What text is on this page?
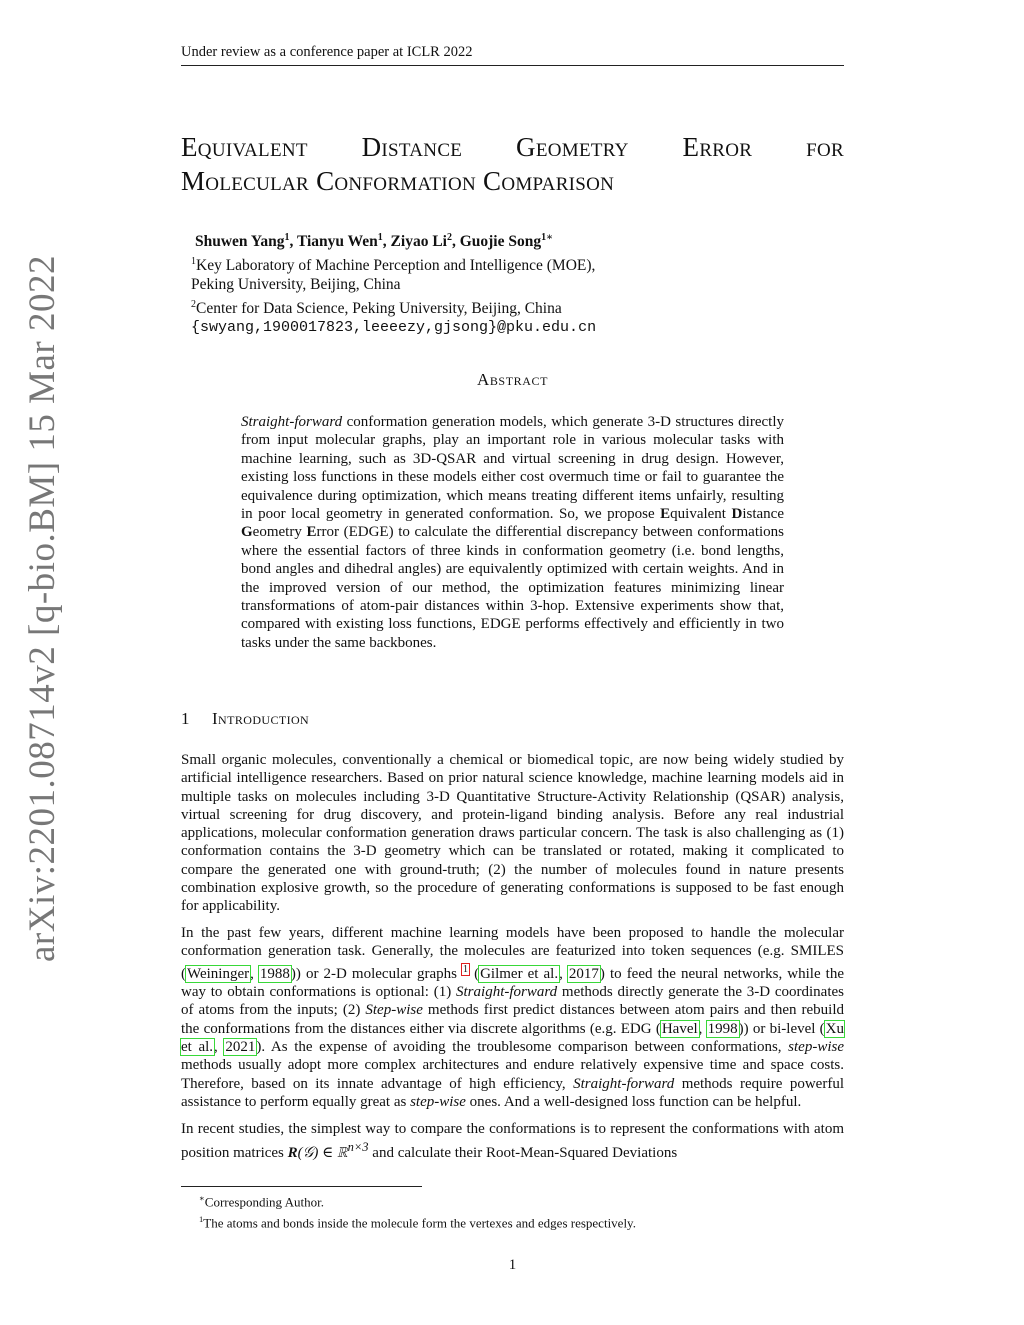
Under review as a conference paper at ICLR 2022
arXiv:2201.08714v2 [q-bio.BM] 15 Mar 2022
Equivalent Distance Geometry Error for
Molecular Conformation Comparison
Shuwen Yang$^1$, Tianyu Wen$^1$, Ziyao Li$^2$, Guojie Song$^{1∗}$
$^1$Key Laboratory of Machine Perception and Intelligence (MOE),
Peking University, Beijing, China
$^2$Center for Data Science, Peking University, Beijing, China
{swyang,1900017823,leeeezy,gjsong}@pku.edu.cn
Abstract
Straight-forward conformation generation models, which generate 3-D structures directly from input molecular graphs, play an important role in various molecular tasks with machine learning, such as 3D-QSAR and virtual screening in drug design. However, existing loss functions in these models either cost overmuch time or fail to guarantee the equivalence during optimization, which means treating different items unfairly, resulting in poor local geometry in generated conformation. So, we propose Equivalent Distance Geometry Error (EDGE) to calculate the differential discrepancy between conformations where the essential factors of three kinds in conformation geometry (i.e. bond lengths, bond angles and dihedral angles) are equivalently optimized with certain weights. And in the improved version of our method, the optimization features minimizing linear transformations of atom-pair distances within 3-hop. Extensive experiments show that, compared with existing loss functions, EDGE performs effectively and efficiently in two tasks under the same backbones.
1 Introduction

Small organic molecules, conventionally a chemical or biomedical topic, are now being widely studied by artificial intelligence researchers. Based on prior natural science knowledge, machine learning models aid in multiple tasks on molecules including 3-D Quantitative Structure-Activity Relationship (QSAR) analysis, virtual screening for drug discovery, and protein-ligand binding analysis. Before any real industrial applications, molecular conformation generation draws particular concern. The task is also challenging as (1) conformation contains the 3-D geometry which can be translated or rotated, making it complicated to compare the generated one with ground-truth; (2) the number of molecules found in nature presents combination explosive growth, so the procedure of generating conformations is supposed to be fast enough for applicability.

In the past few years, different machine learning models have been proposed to handle the molecular conformation generation task. Generally, the molecules are featurized into token sequences (e.g. SMILES (Weininger, 1988)) or 2-D molecular graphs $^1$ (Gilmer et al., 2017) to feed the neural networks, while the way to obtain conformations is optional: (1) Straight-forward methods directly generate the 3-D coordinates of atoms from the inputs; (2) Step-wise methods first predict distances between atom pairs and then rebuild the conformations from the distances either via discrete algorithms (e.g. EDG (Havel, 1998)) or bi-level (Xu et al., 2021). As the expense of avoiding the troublesome comparison between conformations, step-wise methods usually adopt more complex architectures and endure relatively expensive time and space costs. Therefore, based on its innate advantage of high efficiency, Straight-forward methods require powerful assistance to perform equally great as step-wise ones. And a well-designed loss function can be helpful.

In recent studies, the simplest way to compare the conformations is to represent the conformations with atom position matrices R(𝒢) ∈ ℝ$^{n\times 3}$ and calculate their Root-Mean-Squared Deviations

∗Corresponding Author.
$^1$The atoms and bonds inside the molecule form the vertexes and edges respectively.
1
